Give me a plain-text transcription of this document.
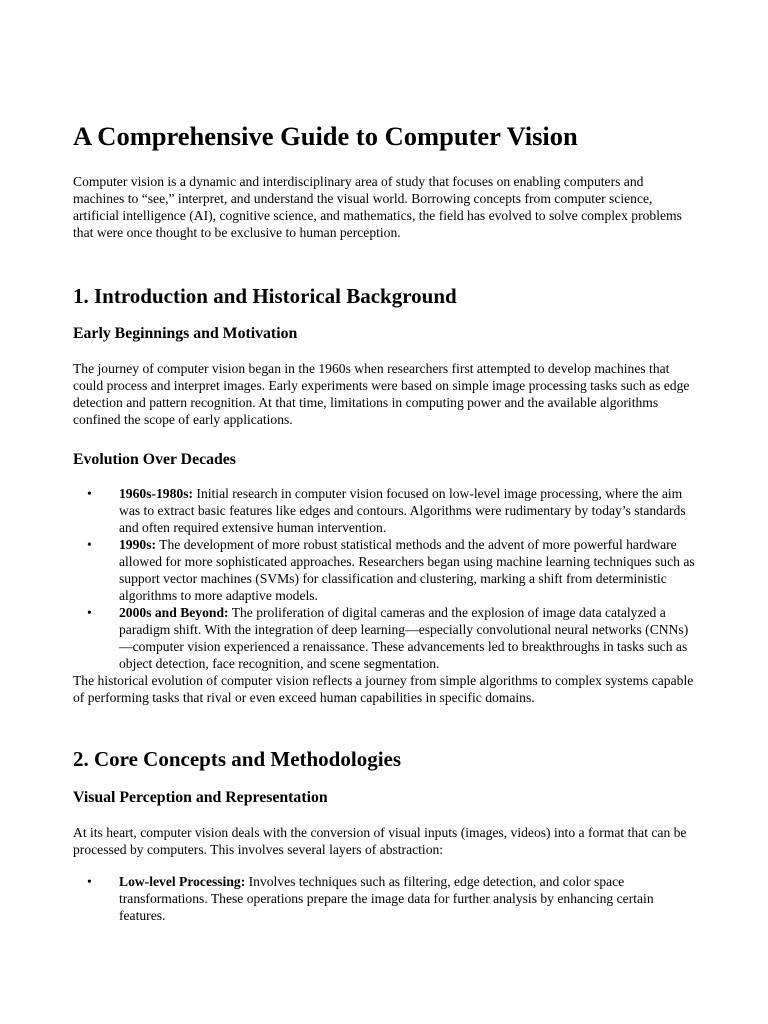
A Comprehensive Guide to Computer Vision

Computer vision is a dynamic and interdisciplinary area of study that focuses on enabling computers and machines to “see,” interpret, and understand the visual world. Borrowing concepts from computer science, artificial intelligence (AI), cognitive science, and mathematics, the field has evolved to solve complex problems that were once thought to be exclusive to human perception.

1. Introduction and Historical Background
Early Beginnings and Motivation

The journey of computer vision began in the 1960s when researchers first attempted to develop machines that could process and interpret images. Early experiments were based on simple image processing tasks such as edge detection and pattern recognition. At that time, limitations in computing power and the available algorithms confined the scope of early applications.

Evolution Over Decades
• 1960s-1980s: Initial research in computer vision focused on low-level image processing, where the aim was to extract basic features like edges and contours. Algorithms were rudimentary by today’s standards and often required extensive human intervention.
• 1990s: The development of more robust statistical methods and the advent of more powerful hardware allowed for more sophisticated approaches. Researchers began using machine learning techniques such as support vector machines (SVMs) for classification and clustering, marking a shift from deterministic algorithms to more adaptive models.
• 2000s and Beyond: The proliferation of digital cameras and the explosion of image data catalyzed a paradigm shift. With the integration of deep learning—especially convolutional neural networks (CNNs)—computer vision experienced a renaissance. These advancements led to breakthroughs in tasks such as object detection, face recognition, and scene segmentation.

The historical evolution of computer vision reflects a journey from simple algorithms to complex systems capable of performing tasks that rival or even exceed human capabilities in specific domains.

2. Core Concepts and Methodologies
Visual Perception and Representation

At its heart, computer vision deals with the conversion of visual inputs (images, videos) into a format that can be processed by computers. This involves several layers of abstraction:

• Low-level Processing: Involves techniques such as filtering, edge detection, and color space transformations. These operations prepare the image data for further analysis by enhancing certain features.
